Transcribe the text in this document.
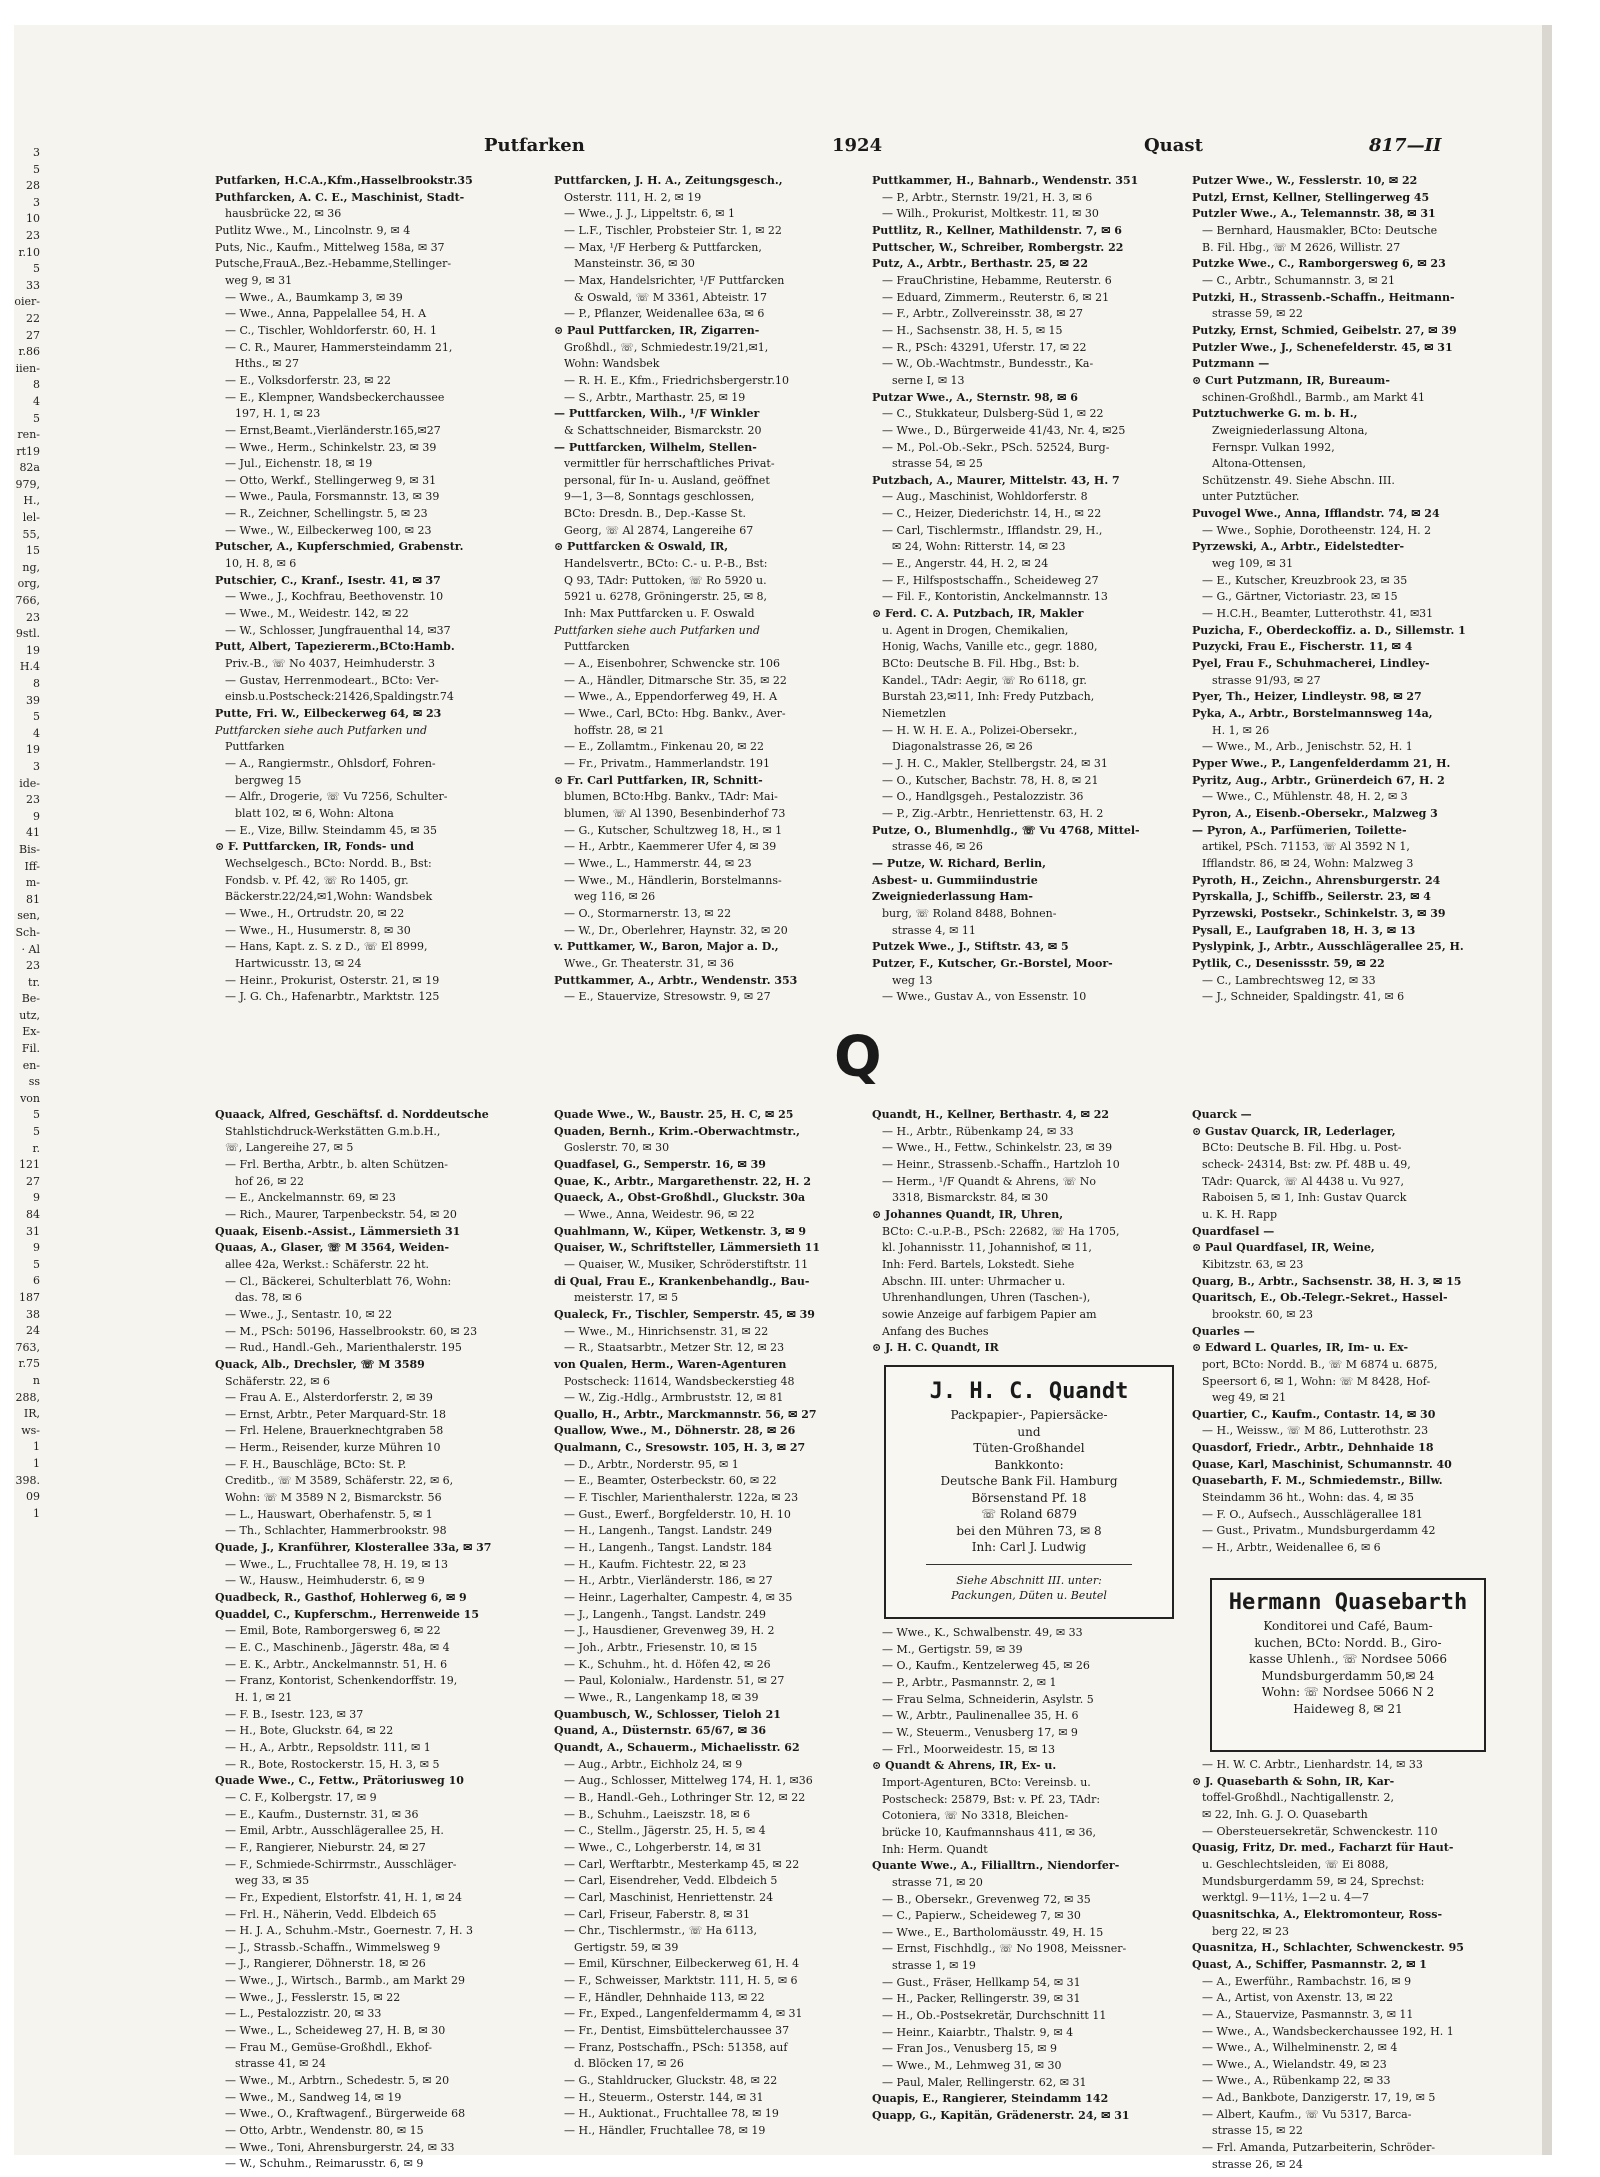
Putfarken	1924	Quast	817—II
Putfarken, H.C.A.,Kfm.,Hasselbrookstr.35
Puthfarcken, A. C. E., Maschinist, Stadt-
hausbrücke 22, ✉ 36
Putlitz Wwe., M., Lincolnstr. 9, ✉ 4
Puts, Nic., Kaufm., Mittelweg 158a, ✉ 37
Putsche,FrauA.,Bez.-Hebamme,Stellinger-
weg 9, ✉ 31
— Wwe., A., Baumkamp 3, ✉ 39
— Wwe., Anna, Pappelallee 54, H. A
— C., Tischler, Wohldorferstr. 60, H. 1
— C. R., Maurer, Hammersteindamm 21,
Hths., ✉ 27
— E., Volksdorferstr. 23, ✉ 22
— E., Klempner, Wandsbeckerchaussee
197, H. 1, ✉ 23
— Ernst,Beamt.,Vierländerstr.165,✉27
— Wwe., Herm., Schinkelstr. 23, ✉ 39
— Jul., Eichenstr. 18, ✉ 19
— Otto, Werkf., Stellingerweg 9, ✉ 31
— Wwe., Paula, Forsmannstr. 13, ✉ 39
— R., Zeichner, Schellingstr. 5, ✉ 23
— Wwe., W., Eilbeckerweg 100, ✉ 23
Putscher, A., Kupferschmied, Grabenstr.
10, H. 8, ✉ 6
Putschier, C., Kranf., Isestr. 41, ✉ 37
— Wwe., J., Kochfrau, Beethovenstr. 10
— Wwe., M., Weidestr. 142, ✉ 22
— W., Schlosser, Jungfrauenthal 14, ✉37
Putt, Albert, Tapeziererm.,BCto:Hamb.
Priv.-B., ☏ No 4037, Heimhuderstr. 3
— Gustav, Herrenmodeart., BCto: Ver-
einsb.u.Postscheck:21426,Spaldingstr.74
Putte, Fri. W., Eilbeckerweg 64, ✉ 23
Puttfarcken siehe auch Putfarken und
Puttfarken
— A., Rangiermstr., Ohlsdorf, Fohren-
bergweg 15
— Alfr., Drogerie, ☏ Vu 7256, Schulter-
blatt 102, ✉ 6, Wohn: Altona
— E., Vize, Billw. Steindamm 45, ✉ 35
⊙ F. Puttfarcken, IR, Fonds- und
Wechselgesch., BCto: Nordd. B., Bst:
Fondsb. v. Pf. 42, ☏ Ro 1405, gr.
Bäckerstr.22/24,✉1,Wohn: Wandsbek
— Wwe., H., Ortrudstr. 20, ✉ 22
— Wwe., H., Husumerstr. 8, ✉ 30
— Hans, Kapt. z. S. z D., ☏ El 8999,
Hartwicusstr. 13, ✉ 24
— Heinr., Prokurist, Osterstr. 21, ✉ 19
— J. G. Ch., Hafenarbtr., Marktstr. 125
Puttfarcken, J. H. A., Zeitungsgesch.,
Osterstr. 111, H. 2, ✉ 19
— Wwe., J. J., Lippeltstr. 6, ✉ 1
— L.F., Tischler, Probsteier Str. 1, ✉ 22
— Max, ¹/F Herberg & Puttfarcken,
Mansteinstr. 36, ✉ 30
— Max, Handelsrichter, ¹/F Puttfarcken
& Oswald, ☏ M 3361, Abteistr. 17
— P., Pflanzer, Weidenallee 63a, ✉ 6
⊙ Paul Puttfarcken, IR, Zigarren-
Großhdl., ☏, Schmiedestr.19/21,✉1,
Wohn: Wandsbek
— R. H. E., Kfm., Friedrichsbergerstr.10
— S., Arbtr., Marthastr. 25, ✉ 19
— Puttfarcken, Wilh., ¹/F Winkler
& Schattschneider, Bismarckstr. 20
— Puttfarcken, Wilhelm, Stellen-
vermittler für herrschaftliches Privat-
personal, für In- u. Ausland, geöffnet
9—1, 3—8, Sonntags geschlossen,
BCto: Dresdn. B., Dep.-Kasse St.
Georg, ☏ Al 2874, Langereihe 67
⊙ Puttfarcken & Oswald, IR,
Handelsvertr., BCto: C.- u. P.-B., Bst:
Q 93, TAdr: Puttoken, ☏ Ro 5920 u.
5921 u. 6278, Gröningerstr. 25, ✉ 8,
Inh: Max Puttfarcken u. F. Oswald
Puttfarken siehe auch Putfarken und
Puttfarcken
— A., Eisenbohrer, Schwencke str. 106
— A., Händler, Ditmarsche Str. 35, ✉ 22
— Wwe., A., Eppendorferweg 49, H. A
— Wwe., Carl, BCto: Hbg. Bankv., Aver-
hoffstr. 28, ✉ 21
— E., Zollamtm., Finkenau 20, ✉ 22
— Fr., Privatm., Hammerlandstr. 191
⊙ Fr. Carl Puttfarken, IR, Schnitt-
blumen, BCto:Hbg. Bankv., TAdr: Mai-
blumen, ☏ Al 1390, Besenbinderhof 73
— G., Kutscher, Schultzweg 18, H., ✉ 1
— H., Arbtr., Kaemmerer Ufer 4, ✉ 39
— Wwe., L., Hammerstr. 44, ✉ 23
— Wwe., M., Händlerin, Borstelmanns-
weg 116, ✉ 26
— O., Stormarnerstr. 13, ✉ 22
— W., Dr., Oberlehrer, Haynstr. 32, ✉ 20
v. Puttkamer, W., Baron, Major a. D.,
Wwe., Gr. Theaterstr. 31, ✉ 36
Puttkammer, A., Arbtr., Wendenstr. 353
— E., Stauervize, Stresowstr. 9, ✉ 27
Puttkammer, H., Bahnarb., Wendenstr. 351
— P., Arbtr., Sternstr. 19/21, H. 3, ✉ 6
— Wilh., Prokurist, Moltkestr. 11, ✉ 30
Puttlitz, R., Kellner, Mathildenstr. 7, ✉ 6
Puttscher, W., Schreiber, Rombergstr. 22
Putz, A., Arbtr., Berthastr. 25, ✉ 22
— FrauChristine, Hebamme, Reuterstr. 6
— Eduard, Zimmerm., Reuterstr. 6, ✉ 21
— F., Arbtr., Zollvereinsstr. 38, ✉ 27
— H., Sachsenstr. 38, H. 5, ✉ 15
— R., PSch: 43291, Uferstr. 17, ✉ 22
— W., Ob.-Wachtmstr., Bundesstr., Ka-
serne I, ✉ 13
Putzar Wwe., A., Sternstr. 98, ✉ 6
— C., Stukkateur, Dulsberg-Süd 1, ✉ 22
— Wwe., D., Bürgerweide 41/43, Nr. 4, ✉25
— M., Pol.-Ob.-Sekr., PSch. 52524, Burg-
strasse 54, ✉ 25
Putzbach, A., Maurer, Mittelstr. 43, H. 7
— Aug., Maschinist, Wohldorferstr. 8
— C., Heizer, Diederichstr. 14, H., ✉ 22
— Carl, Tischlermstr., Ifflandstr. 29, H.,
✉ 24, Wohn: Ritterstr. 14, ✉ 23
— E., Angerstr. 44, H. 2, ✉ 24
— F., Hilfspostschaffn., Scheideweg 27
— Fil. F., Kontoristin, Anckelmannstr. 13
⊙ Ferd. C. A. Putzbach, IR, Makler
u. Agent in Drogen, Chemikalien,
Honig, Wachs, Vanille etc., gegr. 1880,
BCto: Deutsche B. Fil. Hbg., Bst: b.
Kandel., TAdr: Aegir, ☏ Ro 6118, gr.
Burstah 23,✉11, Inh: Fredy Putzbach,
Niemetzlen
— H. W. H. E. A., Polizei-Obersekr.,
Diagonalstrasse 26, ✉ 26
— J. H. C., Makler, Stellbergstr. 24, ✉ 31
— O., Kutscher, Bachstr. 78, H. 8, ✉ 21
— O., Handlgsgeh., Pestalozzistr. 36
— P., Zig.-Arbtr., Henriettenstr. 63, H. 2
Putze, O., Blumenhdlg., ☏ Vu 4768, Mittel-
strasse 46, ✉ 26
— Putze, W. Richard, Berlin,
Asbest- u. Gummiindustrie
Zweigniederlassung Ham-
burg, ☏ Roland 8488, Bohnen-
strasse 4, ✉ 11
Putzek Wwe., J., Stiftstr. 43, ✉ 5
Putzer, F., Kutscher, Gr.-Borstel, Moor-
weg 13
— Wwe., Gustav A., von Essenstr. 10
Putzer Wwe., W., Fesslerstr. 10, ✉ 22
Putzl, Ernst, Kellner, Stellingerweg 45
Putzler Wwe., A., Telemannstr. 38, ✉ 31
— Bernhard, Hausmakler, BCto: Deutsche
B. Fil. Hbg., ☏ M 2626, Willistr. 27
Putzke Wwe., C., Ramborgersweg 6, ✉ 23
— C., Arbtr., Schumannstr. 3, ✉ 21
Putzki, H., Strassenb.-Schaffn., Heitmann-
strasse 59, ✉ 22
Putzky, Ernst, Schmied, Geibelstr. 27, ✉ 39
Putzler Wwe., J., Schenefelderstr. 45, ✉ 31
Putzmann —
⊙ Curt Putzmann, IR, Bureaum-
schinen-Großhdl., Barmb., am Markt 41
Putztuchwerke G. m. b. H.,
Zweigniederlassung Altona,
Fernspr. Vulkan 1992,
Altona-Ottensen,
Schützenstr. 49. Siehe Abschn. III.
unter Putztücher.
Puvogel Wwe., Anna, Ifflandstr. 74, ✉ 24
— Wwe., Sophie, Dorotheenstr. 124, H. 2
Pyrzewski, A., Arbtr., Eidelstedter-
weg 109, ✉ 31
— E., Kutscher, Kreuzbrook 23, ✉ 35
— G., Gärtner, Victoriastr. 23, ✉ 15
— H.C.H., Beamter, Lutterothstr. 41, ✉31
Puzicha, F., Oberdeckoffiz. a. D., Sillemstr. 1
Puzycki, Frau E., Fischerstr. 11, ✉ 4
Pyel, Frau F., Schuhmacherei, Lindley-
strasse 91/93, ✉ 27
Pyer, Th., Heizer, Lindleystr. 98, ✉ 27
Pyka, A., Arbtr., Borstelmannsweg 14a,
H. 1, ✉ 26
— Wwe., M., Arb., Jenischstr. 52, H. 1
Pyper Wwe., P., Langenfelderdamm 21, H.
Pyritz, Aug., Arbtr., Grünerdeich 67, H. 2
— Wwe., C., Mühlenstr. 48, H. 2, ✉ 3
Pyron, A., Eisenb.-Obersekr., Malzweg 3
— Pyron, A., Parfümerien, Toilette-
artikel, PSch. 71153, ☏ Al 3592 N 1,
Ifflandstr. 86, ✉ 24, Wohn: Malzweg 3
Pyroth, H., Zeichn., Ahrensburgerstr. 24
Pyrskalla, J., Schiffb., Seilerstr. 23, ✉ 4
Pyrzewski, Postsekr., Schinkelstr. 3, ✉ 39
Pysall, E., Laufgraben 18, H. 3, ✉ 13
Pyslypink, J., Arbtr., Ausschlägerallee 25, H.
Pytlik, C., Desenissstr. 59, ✉ 22
— C., Lambrechtsweg 12, ✉ 33
— J., Schneider, Spaldingstr. 41, ✉ 6
Q
Quaack, Alfred, Geschäftsf. d. Norddeutsche
Stahlstichdruck-Werkstätten G.m.b.H.,
☏, Langereihe 27, ✉ 5
— Frl. Bertha, Arbtr., b. alten Schützen-
hof 26, ✉ 22
— E., Anckelmannstr. 69, ✉ 23
— Rich., Maurer, Tarpenbeckstr. 54, ✉ 20
Quaak, Eisenb.-Assist., Lämmersieth 31
Quaas, A., Glaser, ☏ M 3564, Weiden-
allee 42a, Werkst.: Schäferstr. 22 ht.
— Cl., Bäckerei, Schulterblatt 76, Wohn:
das. 78, ✉ 6
— Wwe., J., Sentastr. 10, ✉ 22
— M., PSch: 50196, Hasselbrookstr. 60, ✉ 23
— Rud., Handl.-Geh., Marienthalerstr. 195
Quack, Alb., Drechsler, ☏ M 3589
Schäferstr. 22, ✉ 6
— Frau A. E., Alsterdorferstr. 2, ✉ 39
— Ernst, Arbtr., Peter Marquard-Str. 18
— Frl. Helene, Brauerknechtgraben 58
— Herm., Reisender, kurze Mühren 10
— F. H., Bauschläge, BCto: St. P.
Creditb., ☏ M 3589, Schäferstr. 22, ✉ 6,
Wohn: ☏ M 3589 N 2, Bismarckstr. 56
— L., Hauswart, Oberhafenstr. 5, ✉ 1
— Th., Schlachter, Hammerbrookstr. 98
Quade, J., Kranführer, Klosterallee 33a, ✉ 37
— Wwe., L., Fruchtallee 78, H. 19, ✉ 13
— W., Hausw., Heimhuderstr. 6, ✉ 9
Quadbeck, R., Gasthof, Hohlerweg 6, ✉ 9
Quaddel, C., Kupferschm., Herrenweide 15
— Emil, Bote, Ramborgersweg 6, ✉ 22
— E. C., Maschinenb., Jägerstr. 48a, ✉ 4
— E. K., Arbtr., Anckelmannstr. 51, H. 6
— Franz, Kontorist, Schenkendorffstr. 19,
H. 1, ✉ 21
— F. B., Isestr. 123, ✉ 37
— H., Bote, Gluckstr. 64, ✉ 22
— H., A., Arbtr., Repsoldstr. 111, ✉ 1
— R., Bote, Rostockerstr. 15, H. 3, ✉ 5
Quade Wwe., C., Fettw., Prätoriusweg 10
— C. F., Kolbergstr. 17, ✉ 9
— E., Kaufm., Dusternstr. 31, ✉ 36
— Emil, Arbtr., Ausschlägerallee 25, H.
— F., Rangierer, Nieburstr. 24, ✉ 27
— F., Schmiede-Schirrmstr., Ausschläger-
weg 33, ✉ 35
— Fr., Expedient, Elstorfstr. 41, H. 1, ✉ 24
— Frl. H., Näherin, Vedd. Elbdeich 65
— H. J. A., Schuhm.-Mstr., Goernestr. 7, H. 3
— J., Strassb.-Schaffn., Wimmelsweg 9
— J., Rangierer, Döhnerstr. 18, ✉ 26
— Wwe., J., Wirtsch., Barmb., am Markt 29
— Wwe., J., Fesslerstr. 15, ✉ 22
— L., Pestalozzistr. 20, ✉ 33
— Wwe., L., Scheideweg 27, H. B, ✉ 30
— Frau M., Gemüse-Großhdl., Ekhof-
strasse 41, ✉ 24
— Wwe., M., Arbtrn., Schedestr. 5, ✉ 20
— Wwe., M., Sandweg 14, ✉ 19
— Wwe., O., Kraftwagenf., Bürgerweide 68
— Otto, Arbtr., Wendenstr. 80, ✉ 15
— Wwe., Toni, Ahrensburgerstr. 24, ✉ 33
— W., Schuhm., Reimarusstr. 6, ✉ 9
Quade Wwe., W., Baustr. 25, H. C, ✉ 25
Quaden, Bernh., Krim.-Oberwachtmstr.,
Goslerstr. 70, ✉ 30
Quadfasel, G., Semperstr. 16, ✉ 39
Quae, K., Arbtr., Margarethenstr. 22, H. 2
Quaeck, A., Obst-Großhdl., Gluckstr. 30a
— Wwe., Anna, Weidestr. 96, ✉ 22
Quahlmann, W., Küper, Wetkenstr. 3, ✉ 9
Quaiser, W., Schriftsteller, Lämmersieth 11
— Quaiser, W., Musiker, Schröderstiftstr. 11
di Qual, Frau E., Krankenbehandlg., Bau-
meisterstr. 17, ✉ 5
Qualeck, Fr., Tischler, Semperstr. 45, ✉ 39
— Wwe., M., Hinrichsenstr. 31, ✉ 22
— R., Staatsarbtr., Metzer Str. 12, ✉ 23
von Qualen, Herm., Waren-Agenturen
Postscheck: 11614, Wandsbeckerstieg 48
— W., Zig.-Hdlg., Armbruststr. 12, ✉ 81
Quallo, H., Arbtr., Marckmannstr. 56, ✉ 27
Quallow, Wwe., M., Döhnerstr. 28, ✉ 26
Qualmann, C., Sresowstr. 105, H. 3, ✉ 27
— D., Arbtr., Norderstr. 95, ✉ 1
— E., Beamter, Osterbeckstr. 60, ✉ 22
— F. Tischler, Marienthalerstr. 122a, ✉ 23
— Gust., Ewerf., Borgfelderstr. 10, H. 10
— H., Langenh., Tangst. Landstr. 249
— H., Langenh., Tangst. Landstr. 184
— H., Kaufm. Fichtestr. 22, ✉ 23
— H., Arbtr., Vierländerstr. 186, ✉ 27
— Heinr., Lagerhalter, Campestr. 4, ✉ 35
— J., Langenh., Tangst. Landstr. 249
— J., Hausdiener, Grevenweg 39, H. 2
— Joh., Arbtr., Friesenstr. 10, ✉ 15
— K., Schuhm., ht. d. Höfen 42, ✉ 26
— Paul, Kolonialw., Hardenstr. 51, ✉ 27
— Wwe., R., Langenkamp 18, ✉ 39
Quambusch, W., Schlosser, Tieloh 21
Quand, A., Düsternstr. 65/67, ✉ 36
Quandt, A., Schauerm., Michaelisstr. 62
— Aug., Arbtr., Eichholz 24, ✉ 9
— Aug., Schlosser, Mittelweg 174, H. 1, ✉36
— B., Handl.-Geh., Lothringer Str. 12, ✉ 22
— B., Schuhm., Laeiszstr. 18, ✉ 6
— C., Stellm., Jägerstr. 25, H. 5, ✉ 4
— Wwe., C., Lohgerberstr. 14, ✉ 31
— Carl, Werftarbtr., Mesterkamp 45, ✉ 22
— Carl, Eisendreher, Vedd. Elbdeich 5
— Carl, Maschinist, Henriettenstr. 24
— Carl, Friseur, Faberstr. 8, ✉ 31
— Chr., Tischlermstr., ☏ Ha 6113,
Gertigstr. 59, ✉ 39
— Emil, Kürschner, Eilbeckerweg 61, H. 4
— F., Schweisser, Marktstr. 111, H. 5, ✉ 6
— F., Händler, Dehnhaide 113, ✉ 22
— Fr., Exped., Langenfeldermamm 4, ✉ 31
— Fr., Dentist, Eimsbüttelerchaussee 37
— Franz, Postschaffn., PSch: 51358, auf
d. Blöcken 17, ✉ 26
— G., Stahldrucker, Gluckstr. 48, ✉ 22
— H., Steuerm., Osterstr. 144, ✉ 31
— H., Auktionat., Fruchtallee 78, ✉ 19
— H., Händler, Fruchtallee 78, ✉ 19
Quandt, H., Kellner, Berthastr. 4, ✉ 22
— H., Arbtr., Rübenkamp 24, ✉ 33
— Wwe., H., Fettw., Schinkelstr. 23, ✉ 39
— Heinr., Strassenb.-Schaffn., Hartzloh 10
— Herm., ¹/F Quandt & Ahrens, ☏ No
3318, Bismarckstr. 84, ✉ 30
⊙ Johannes Quandt, IR, Uhren,
BCto: C.-u.P.-B., PSch: 22682, ☏ Ha 1705,
kl. Johannisstr. 11, Johannishof, ✉ 11,
Inh: Ferd. Bartels, Lokstedt. Siehe
Abschn. III. unter: Uhrmacher u.
Uhrenhandlungen, Uhren (Taschen-),
sowie Anzeige auf farbigem Papier am
Anfang des Buches
⊙ J. H. C. Quandt, IR
J. H. C. Quandt
Packpapier-, Papiersäcke-
und
Tüten-Großhandel
Bankkonto:
Deutsche Bank Fil. Hamburg
Börsenstand Pf. 18
☏ Roland 6879
bei den Mühren 73, ✉ 8
Inh: Carl J. Ludwig
Siehe Abschnitt III. unter:
Packungen, Düten u. Beutel
— Wwe., K., Schwalbenstr. 49, ✉ 33
— M., Gertigstr. 59, ✉ 39
— O., Kaufm., Kentzelerweg 45, ✉ 26
— P., Arbtr., Pasmannstr. 2, ✉ 1
— Frau Selma, Schneiderin, Asylstr. 5
— W., Arbtr., Paulinenallee 35, H. 6
— W., Steuerm., Venusberg 17, ✉ 9
— Frl., Moorweidestr. 15, ✉ 13
⊙ Quandt & Ahrens, IR, Ex- u.
Import-Agenturen, BCto: Vereinsb. u.
Postscheck: 25879, Bst: v. Pf. 23, TAdr:
Cotoniera, ☏ No 3318, Bleichen-
brücke 10, Kaufmannshaus 411, ✉ 36,
Inh: Herm. Quandt
Quante Wwe., A., Filialltrn., Niendorfer-
strasse 71, ✉ 20
— B., Obersekr., Grevenweg 72, ✉ 35
— C., Papierw., Scheideweg 7, ✉ 30
— Wwe., E., Bartholomäusstr. 49, H. 15
— Ernst, Fischhdlg., ☏ No 1908, Meissner-
strasse 1, ✉ 19
— Gust., Fräser, Hellkamp 54, ✉ 31
— H., Packer, Rellingerstr. 39, ✉ 31
— H., Ob.-Postsekretär, Durchschnitt 11
— Heinr., Kaiarbtr., Thalstr. 9, ✉ 4
— Fran Jos., Venusberg 15, ✉ 9
— Wwe., M., Lehmweg 31, ✉ 30
— Paul, Maler, Rellingerstr. 62, ✉ 31
Quapis, E., Rangierer, Steindamm 142
Quapp, G., Kapitän, Grädenerstr. 24, ✉ 31
Quarck —
⊙ Gustav Quarck, IR, Lederlager,
BCto: Deutsche B. Fil. Hbg. u. Post-
scheck- 24314, Bst: zw. Pf. 48B u. 49,
TAdr: Quarck, ☏ Al 4438 u. Vu 927,
Raboisen 5, ✉ 1, Inh: Gustav Quarck
u. K. H. Rapp
Quardfasel —
⊙ Paul Quardfasel, IR, Weine,
Kibitzstr. 63, ✉ 23
Quarg, B., Arbtr., Sachsenstr. 38, H. 3, ✉ 15
Quaritsch, E., Ob.-Telegr.-Sekret., Hassel-
brookstr. 60, ✉ 23
Quarles —
⊙ Edward L. Quarles, IR, Im- u. Ex-
port, BCto: Nordd. B., ☏ M 6874 u. 6875,
Speersort 6, ✉ 1, Wohn: ☏ M 8428, Hof-
weg 49, ✉ 21
Quartier, C., Kaufm., Contastr. 14, ✉ 30
— H., Weissw., ☏ M 86, Lutterothstr. 23
Quasdorf, Friedr., Arbtr., Dehnhaide 18
Quase, Karl, Maschinist, Schumannstr. 40
Quasebarth, F. M., Schmiedemstr., Billw.
Steindamm 36 ht., Wohn: das. 4, ✉ 35
— F. O., Aufsech., Ausschlägerallee 181
— Gust., Privatm., Mundsburgerdamm 42
— H., Arbtr., Weidenallee 6, ✉ 6
Hermann Quasebarth
Konditorei und Café, Baum-
kuchen, BCto: Nordd. B., Giro-
kasse Uhlenh., ☏ Nordsee 5066
Mundsburgerdamm 50,✉ 24
Wohn: ☏ Nordsee 5066 N 2
Haideweg 8, ✉ 21
— H. W. C. Arbtr., Lienhardstr. 14, ✉ 33
⊙ J. Quasebarth & Sohn, IR, Kar-
toffel-Großhdl., Nachtigallenstr. 2,
✉ 22, Inh. G. J. O. Quasebarth
— Obersteuersekretär, Schwenckestr. 110
Quasig, Fritz, Dr. med., Facharzt für Haut-
u. Geschlechtsleiden, ☏ Ei 8088,
Mundsburgerdamm 59, ✉ 24, Sprechst:
werktgl. 9—11½, 1—2 u. 4—7
Quasnitschka, A., Elektromonteur, Ross-
berg 22, ✉ 23
Quasnitza, H., Schlachter, Schwenckestr. 95
Quast, A., Schiffer, Pasmannstr. 2, ✉ 1
— A., Ewerführ., Rambachstr. 16, ✉ 9
— A., Artist, von Axenstr. 13, ✉ 22
— A., Stauervize, Pasmannstr. 3, ✉ 11
— Wwe., A., Wandsbeckerchaussee 192, H. 1
— Wwe., A., Wilhelminenstr. 2, ✉ 4
— Wwe., A., Wielandstr. 49, ✉ 23
— Wwe., A., Rübenkamp 22, ✉ 33
— Ad., Bankbote, Danzigerstr. 17, 19, ✉ 5
— Albert, Kaufm., ☏ Vu 5317, Barca-
strasse 15, ✉ 22
— Frl. Amanda, Putzarbeiterin, Schröder-
strasse 26, ✉ 24
3
5
28
3
10
23
r.10
5
33
oier-
22
27
r.86
iien-
8
4
5
ren-
rt19
82a
979,
H.,
lel-
55,
15
ng,
org,
766,
23
9stl.
19
H.4
8
39
5
4
19
3
ide-
23
9
41
Bis-
Iff-
m-
81
sen,
Sch-
· Al
23
tr.
Be-
utz,
Ex-
Fil.
en-
ss
von
5
5
r.
121
27
9
84
31
9
5
6
187
38
24
763,
r.75
n
288,
IR,
ws-
1
1
398.
09
1
